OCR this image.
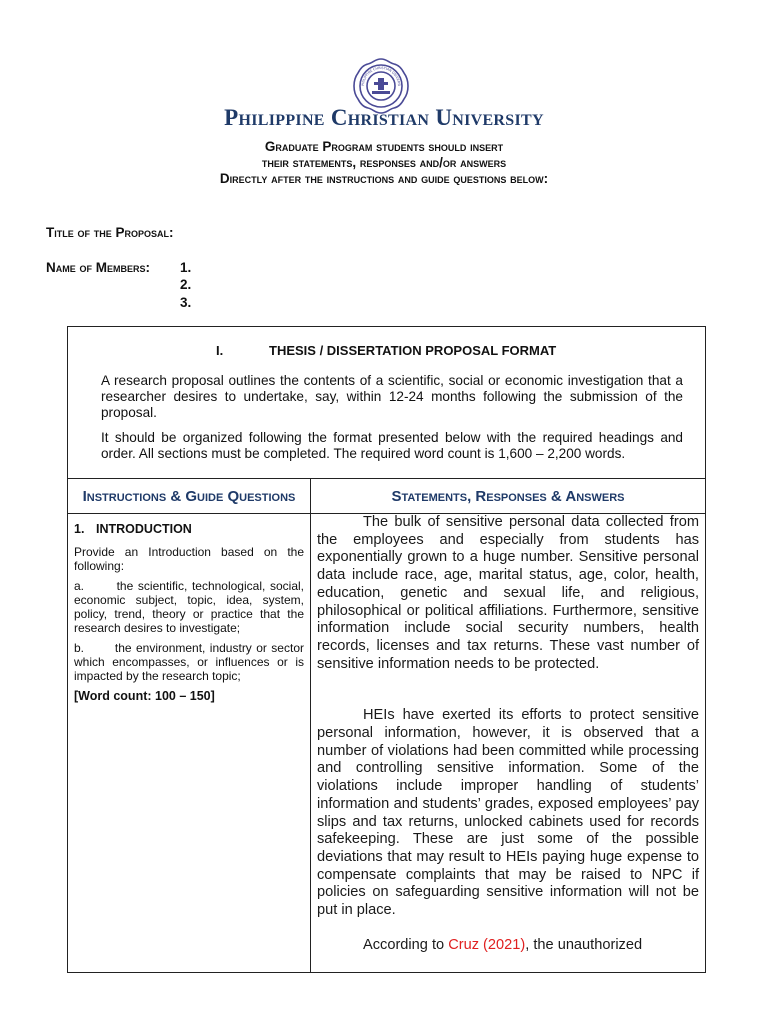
PHILIPPINE CHRISTIAN UNIVERSI
Philippine Christian University
Graduate Program students should insert
their statements, responses and/or answers
Directly after the instructions and guide questions below:
Title of the Proposal:
Name of Members: 1.
2.
3.
I.	THESIS / DISSERTATION PROPOSAL FORMAT

A research proposal outlines the contents of a scientific, social or economic investigation that a researcher desires to undertake, say, within 12-24 months following the submission of the proposal.

It should be organized following the format presented below with the required headings and order. All sections must be completed. The required word count is 1,600 – 2,200 words.

Instructions & Guide Questions	Statements, Responses & Answers

1. INTRODUCTION

Provide an Introduction based on the following:

a.       the scientific, technological, social, economic subject, topic, idea, system, policy, trend, theory or practice that the research desires to investigate;

b.       the environment, industry or sector which encompasses, or influences or is impacted by the research topic;

[Word count: 100 – 150]

The bulk of sensitive personal data collected from the employees and especially from students has exponentially grown to a huge number. Sensitive personal data include race, age, marital status, age, color, health, education, genetic and sexual life, and religious, philosophical or political affiliations. Furthermore, sensitive information include social security numbers, health records, licenses and tax returns. These vast number of sensitive information needs to be protected.

HEIs have exerted its efforts to protect sensitive personal information, however, it is observed that a number of violations had been committed while processing and controlling sensitive information. Some of the violations include improper handling of students’ information and students’ grades, exposed employees’ pay slips and tax returns, unlocked cabinets used for records safekeeping. These are just some of the possible deviations that may result to HEIs paying huge expense to compensate complaints that may be raised to NPC if policies on safeguarding sensitive information will not be put in place.

According to Cruz (2021), the unauthorized
